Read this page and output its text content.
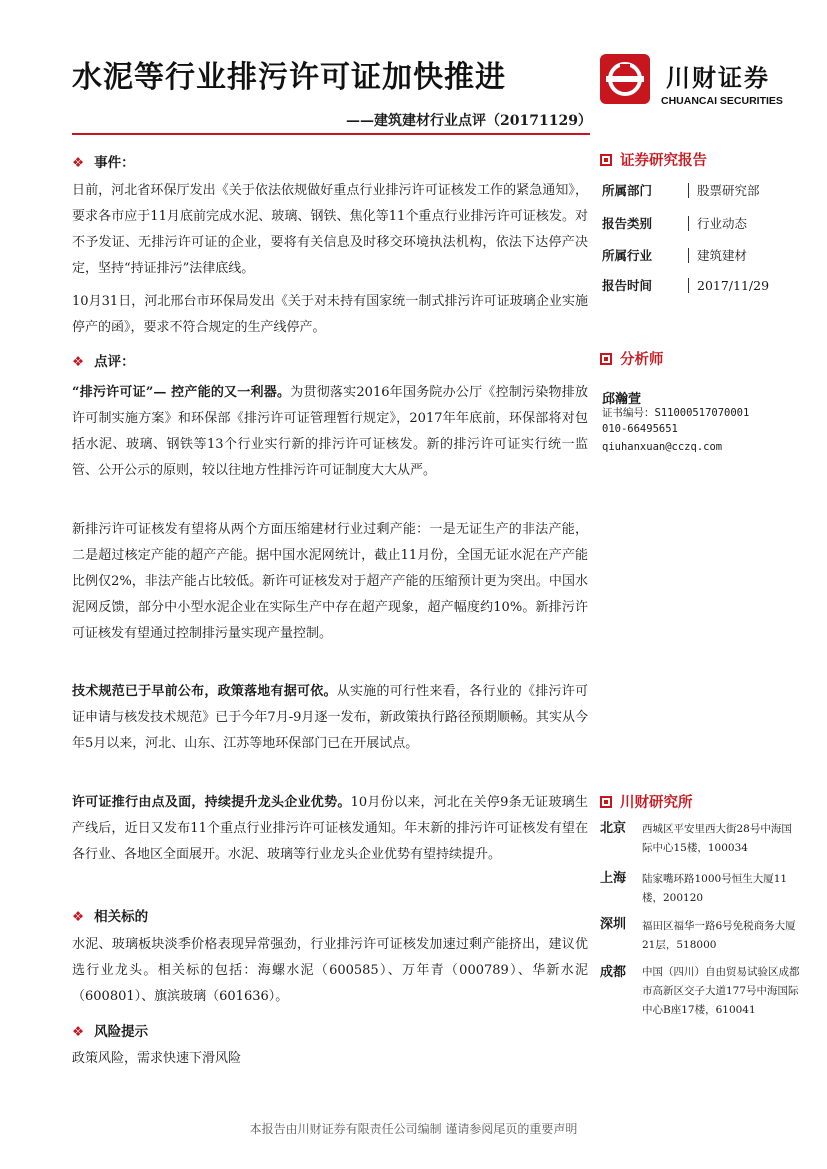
水泥等行业排污许可证加快推进
——建筑建材行业点评（20171129）
川财证券
CHUANCAI SECURITIES
❖ 事件：
日前，河北省环保厅发出《关于依法依规做好重点行业排污许可证核发工作的紧急通知》，要求各市应于11月底前完成水泥、玻璃、钢铁、焦化等11个重点行业排污许可证核发。对不予发证、无排污许可证的企业，要将有关信息及时移交环境执法机构，依法下达停产决定，坚持“持证排污”法律底线。
10月31日，河北邢台市环保局发出《关于对未持有国家统一制式排污许可证玻璃企业实施停产的函》，要求不符合规定的生产线停产。
❖ 点评：
“排污许可证”— 控产能的又一利器。为贯彻落实2016年国务院办公厅《控制污染物排放许可制实施方案》和环保部《排污许可证管理暂行规定》，2017年年底前，环保部将对包括水泥、玻璃、钢铁等13个行业实行新的排污许可证核发。新的排污许可证实行统一监管、公开公示的原则，较以往地方性排污许可证制度大大从严。
新排污许可证核发有望将从两个方面压缩建材行业过剩产能：一是无证生产的非法产能，二是超过核定产能的超产产能。据中国水泥网统计，截止11月份，全国无证水泥在产产能比例仅2%，非法产能占比较低。新许可证核发对于超产产能的压缩预计更为突出。中国水泥网反馈，部分中小型水泥企业在实际生产中存在超产现象，超产幅度约10%。新排污许可证核发有望通过控制排污量实现产量控制。
技术规范已于早前公布，政策落地有据可依。从实施的可行性来看，各行业的《排污许可证申请与核发技术规范》已于今年7月-9月逐一发布，新政策执行路径预期顺畅。其实从今年5月以来，河北、山东、江苏等地环保部门已在开展试点。
许可证推行由点及面，持续提升龙头企业优势。10月份以来，河北在关停9条无证玻璃生产线后，近日又发布11个重点行业排污许可证核发通知。年末新的排污许可证核发有望在各行业、各地区全面展开。水泥、玻璃等行业龙头企业优势有望持续提升。
❖ 相关标的
水泥、玻璃板块淡季价格表现异常强劲，行业排污许可证核发加速过剩产能挤出，建议优选行业龙头。相关标的包括：海螺水泥（600585）、万年青（000789）、华新水泥（600801）、旗滨玻璃（601636）。
❖ 风险提示
政策风险，需求快速下滑风险
证券研究报告
所属部门	股票研究部
报告类别	行业动态
所属行业	建筑建材
报告时间	2017/11/29
分析师
邱瀚萱
证书编号：S1100051707000​1
010-66495651
qiuhanxuan@cczq.com
川财研究所
北京 西城区平安里西大街28号中海国际中心15楼，100034
上海 陆家嘴环路1000号恒生大厦11楼，200120
深圳 福田区福华一路6号免税商务大厦21层，518000
成都 中国（四川）自由贸易试验区成都市高新区交子大道177号中海国际中心B座17楼，610041
本报告由川财证券有限责任公司编制 谨请参阅尾页的重要声明
